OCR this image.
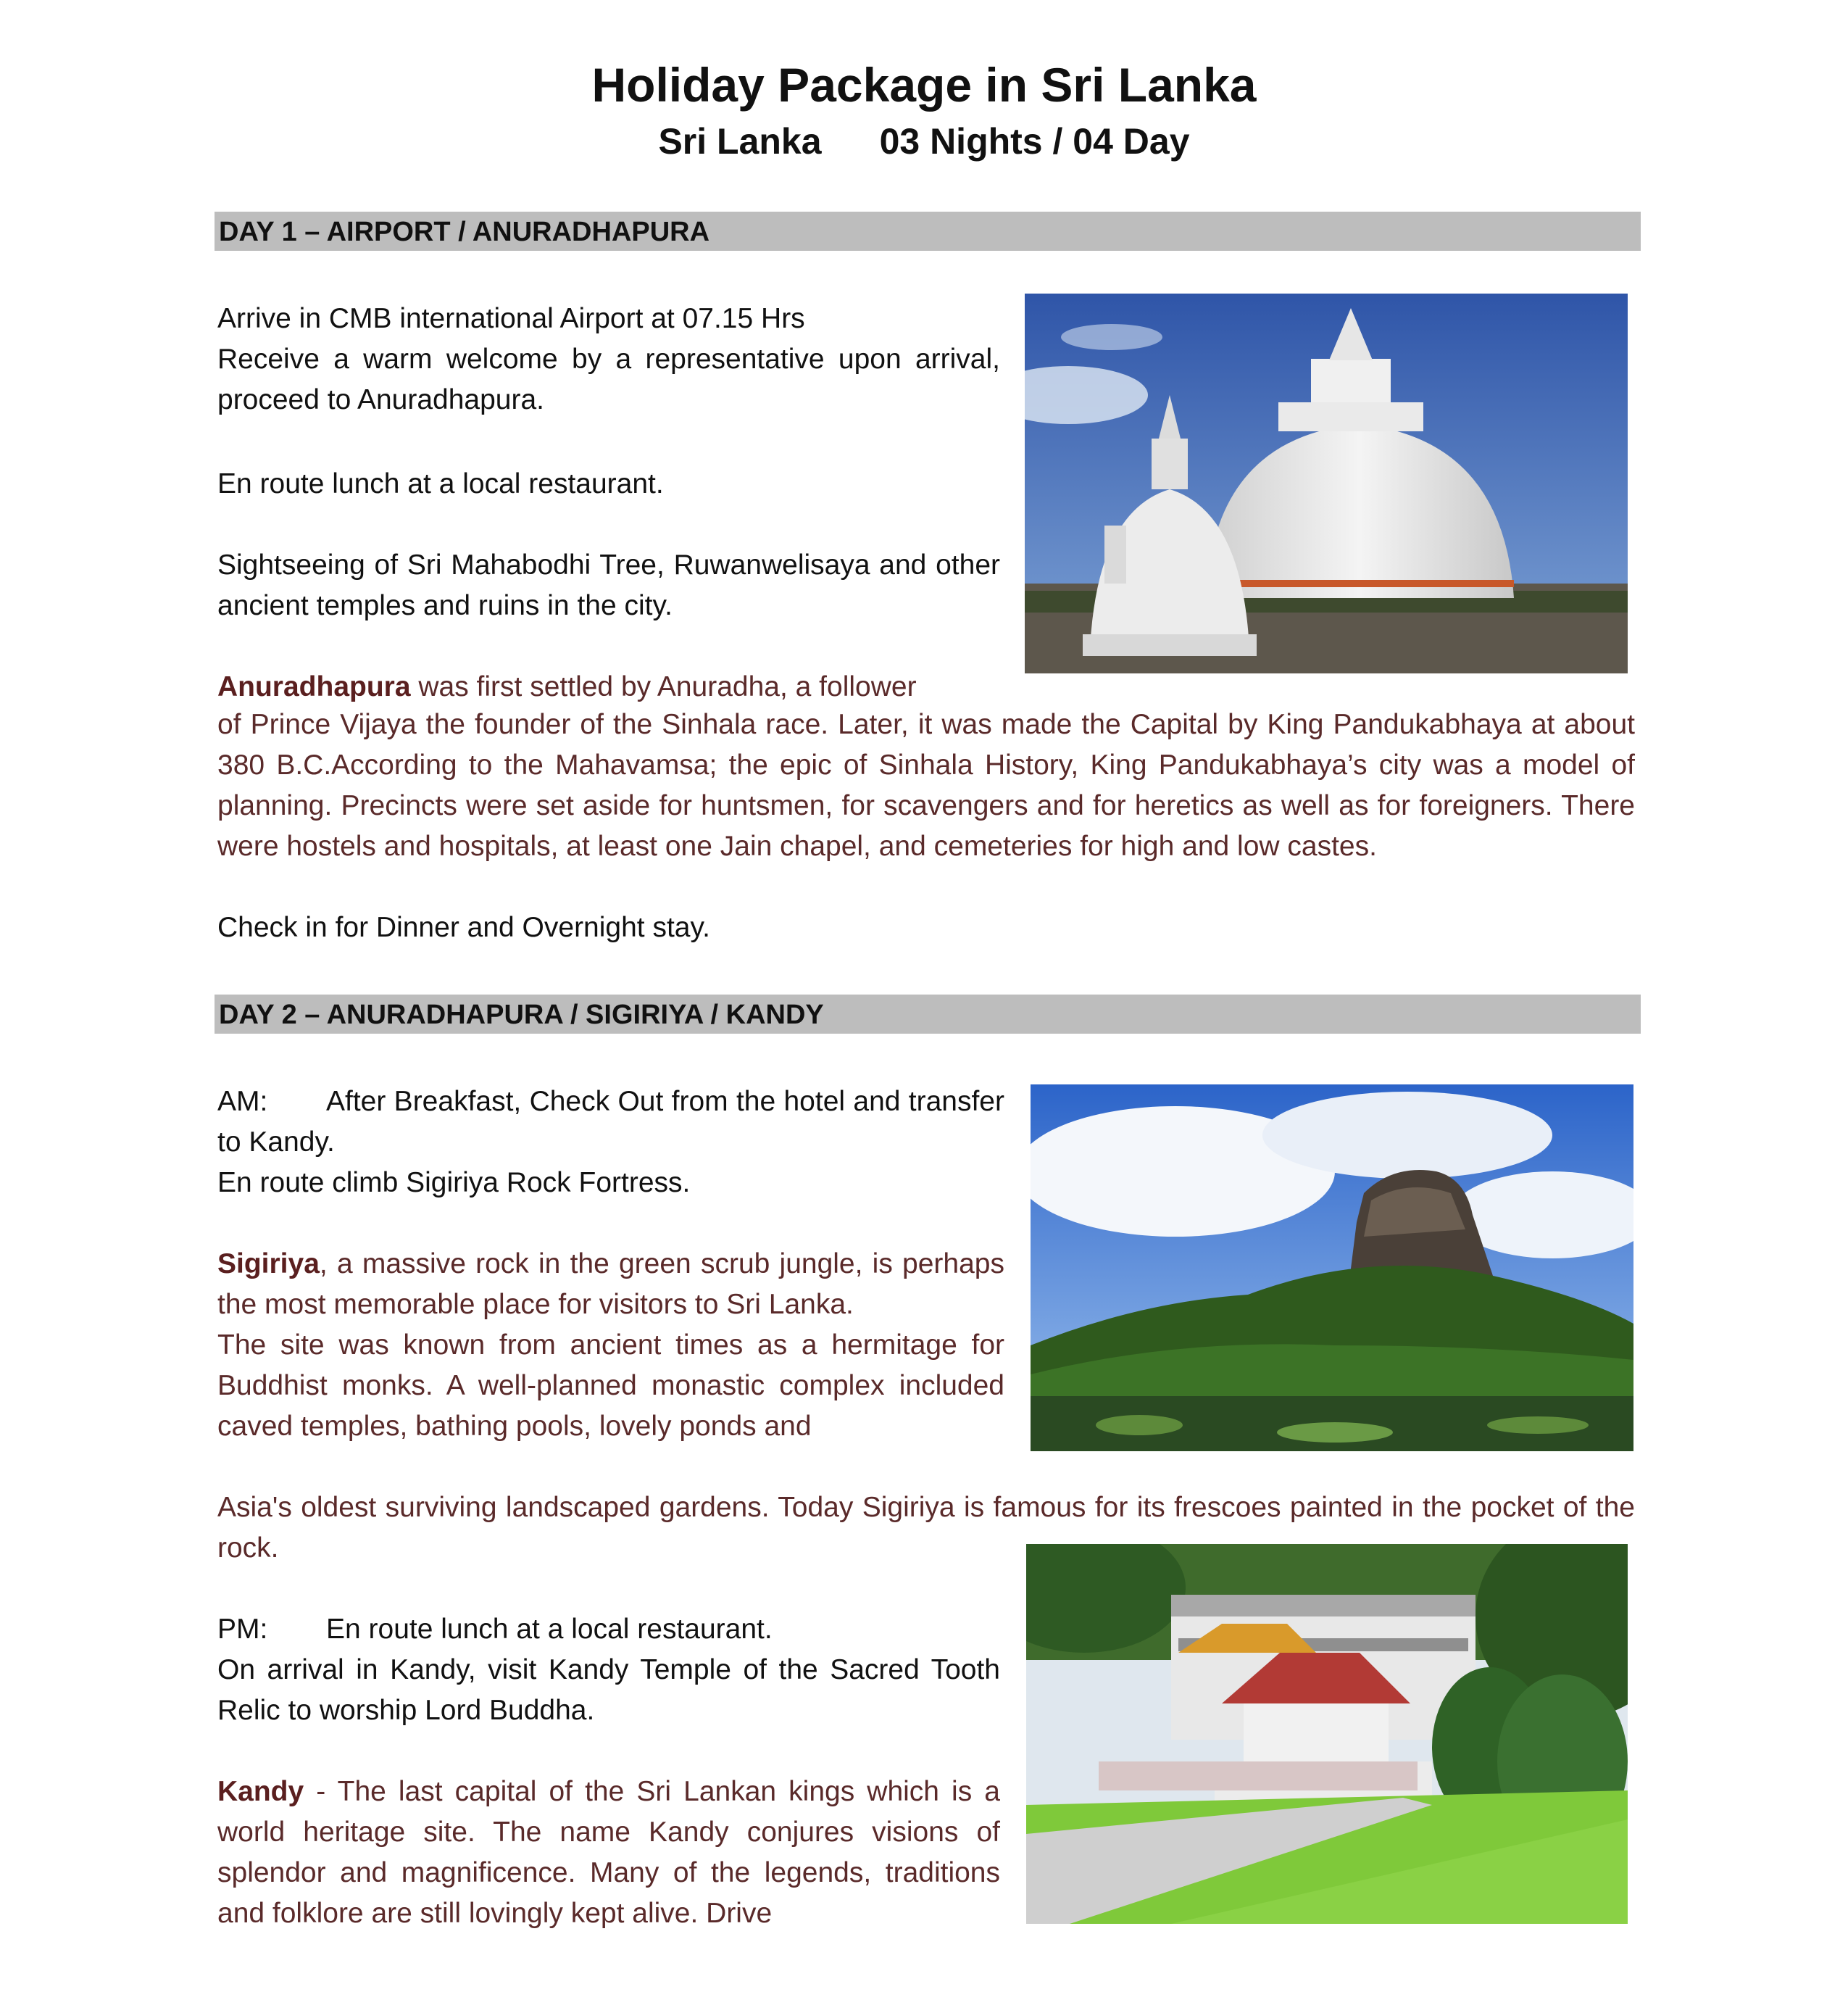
Holiday Package in Sri Lanka
Sri Lanka 03 Nights / 04 Day
DAY 1 – AIRPORT / ANURADHAPURA

Arrive in CMB international Airport at 07.15 Hrs

Receive a warm welcome by a representative upon arrival, proceed to Anuradhapura.

En route lunch at a local restaurant.

Sightseeing of Sri Mahabodhi Tree, Ruwanwelisaya and other ancient temples and ruins in the city.

Anuradhapura was first settled by Anuradha, a follower

of Prince Vijaya the founder of the Sinhala race. Later, it was made the Capital by King Pandukabhaya at about 380 B.C.According to the Mahavamsa; the epic of Sinhala History, King Pandukabhaya’s city was a model of planning. Precincts were set aside for huntsmen, for scavengers and for heretics as well as for foreigners. There were hostels and hospitals, at least one Jain chapel, and cemeteries for high and low castes.
Check in for Dinner and Overnight stay.
DAY 2 – ANURADHAPURA / SIGIRIYA / KANDY

AM: After Breakfast, Check Out from the hotel and transfer to Kandy.

En route climb Sigiriya Rock Fortress.

Sigiriya, a massive rock in the green scrub jungle, is perhaps the most memorable place for visitors to Sri Lanka.

The site was known from ancient times as a hermitage for Buddhist monks. A well-planned monastic complex included caved temples, bathing pools, lovely ponds and

Asia's oldest surviving landscaped gardens. Today Sigiriya is famous for its frescoes painted in the pocket of the rock.

PM: En route lunch at a local restaurant.

On arrival in Kandy, visit Kandy Temple of the Sacred Tooth Relic to worship Lord Buddha.

Kandy - The last capital of the Sri Lankan kings which is a world heritage site. The name Kandy conjures visions of splendor and magnificence. Many of the legends, traditions and folklore are still lovingly kept alive. Drive
